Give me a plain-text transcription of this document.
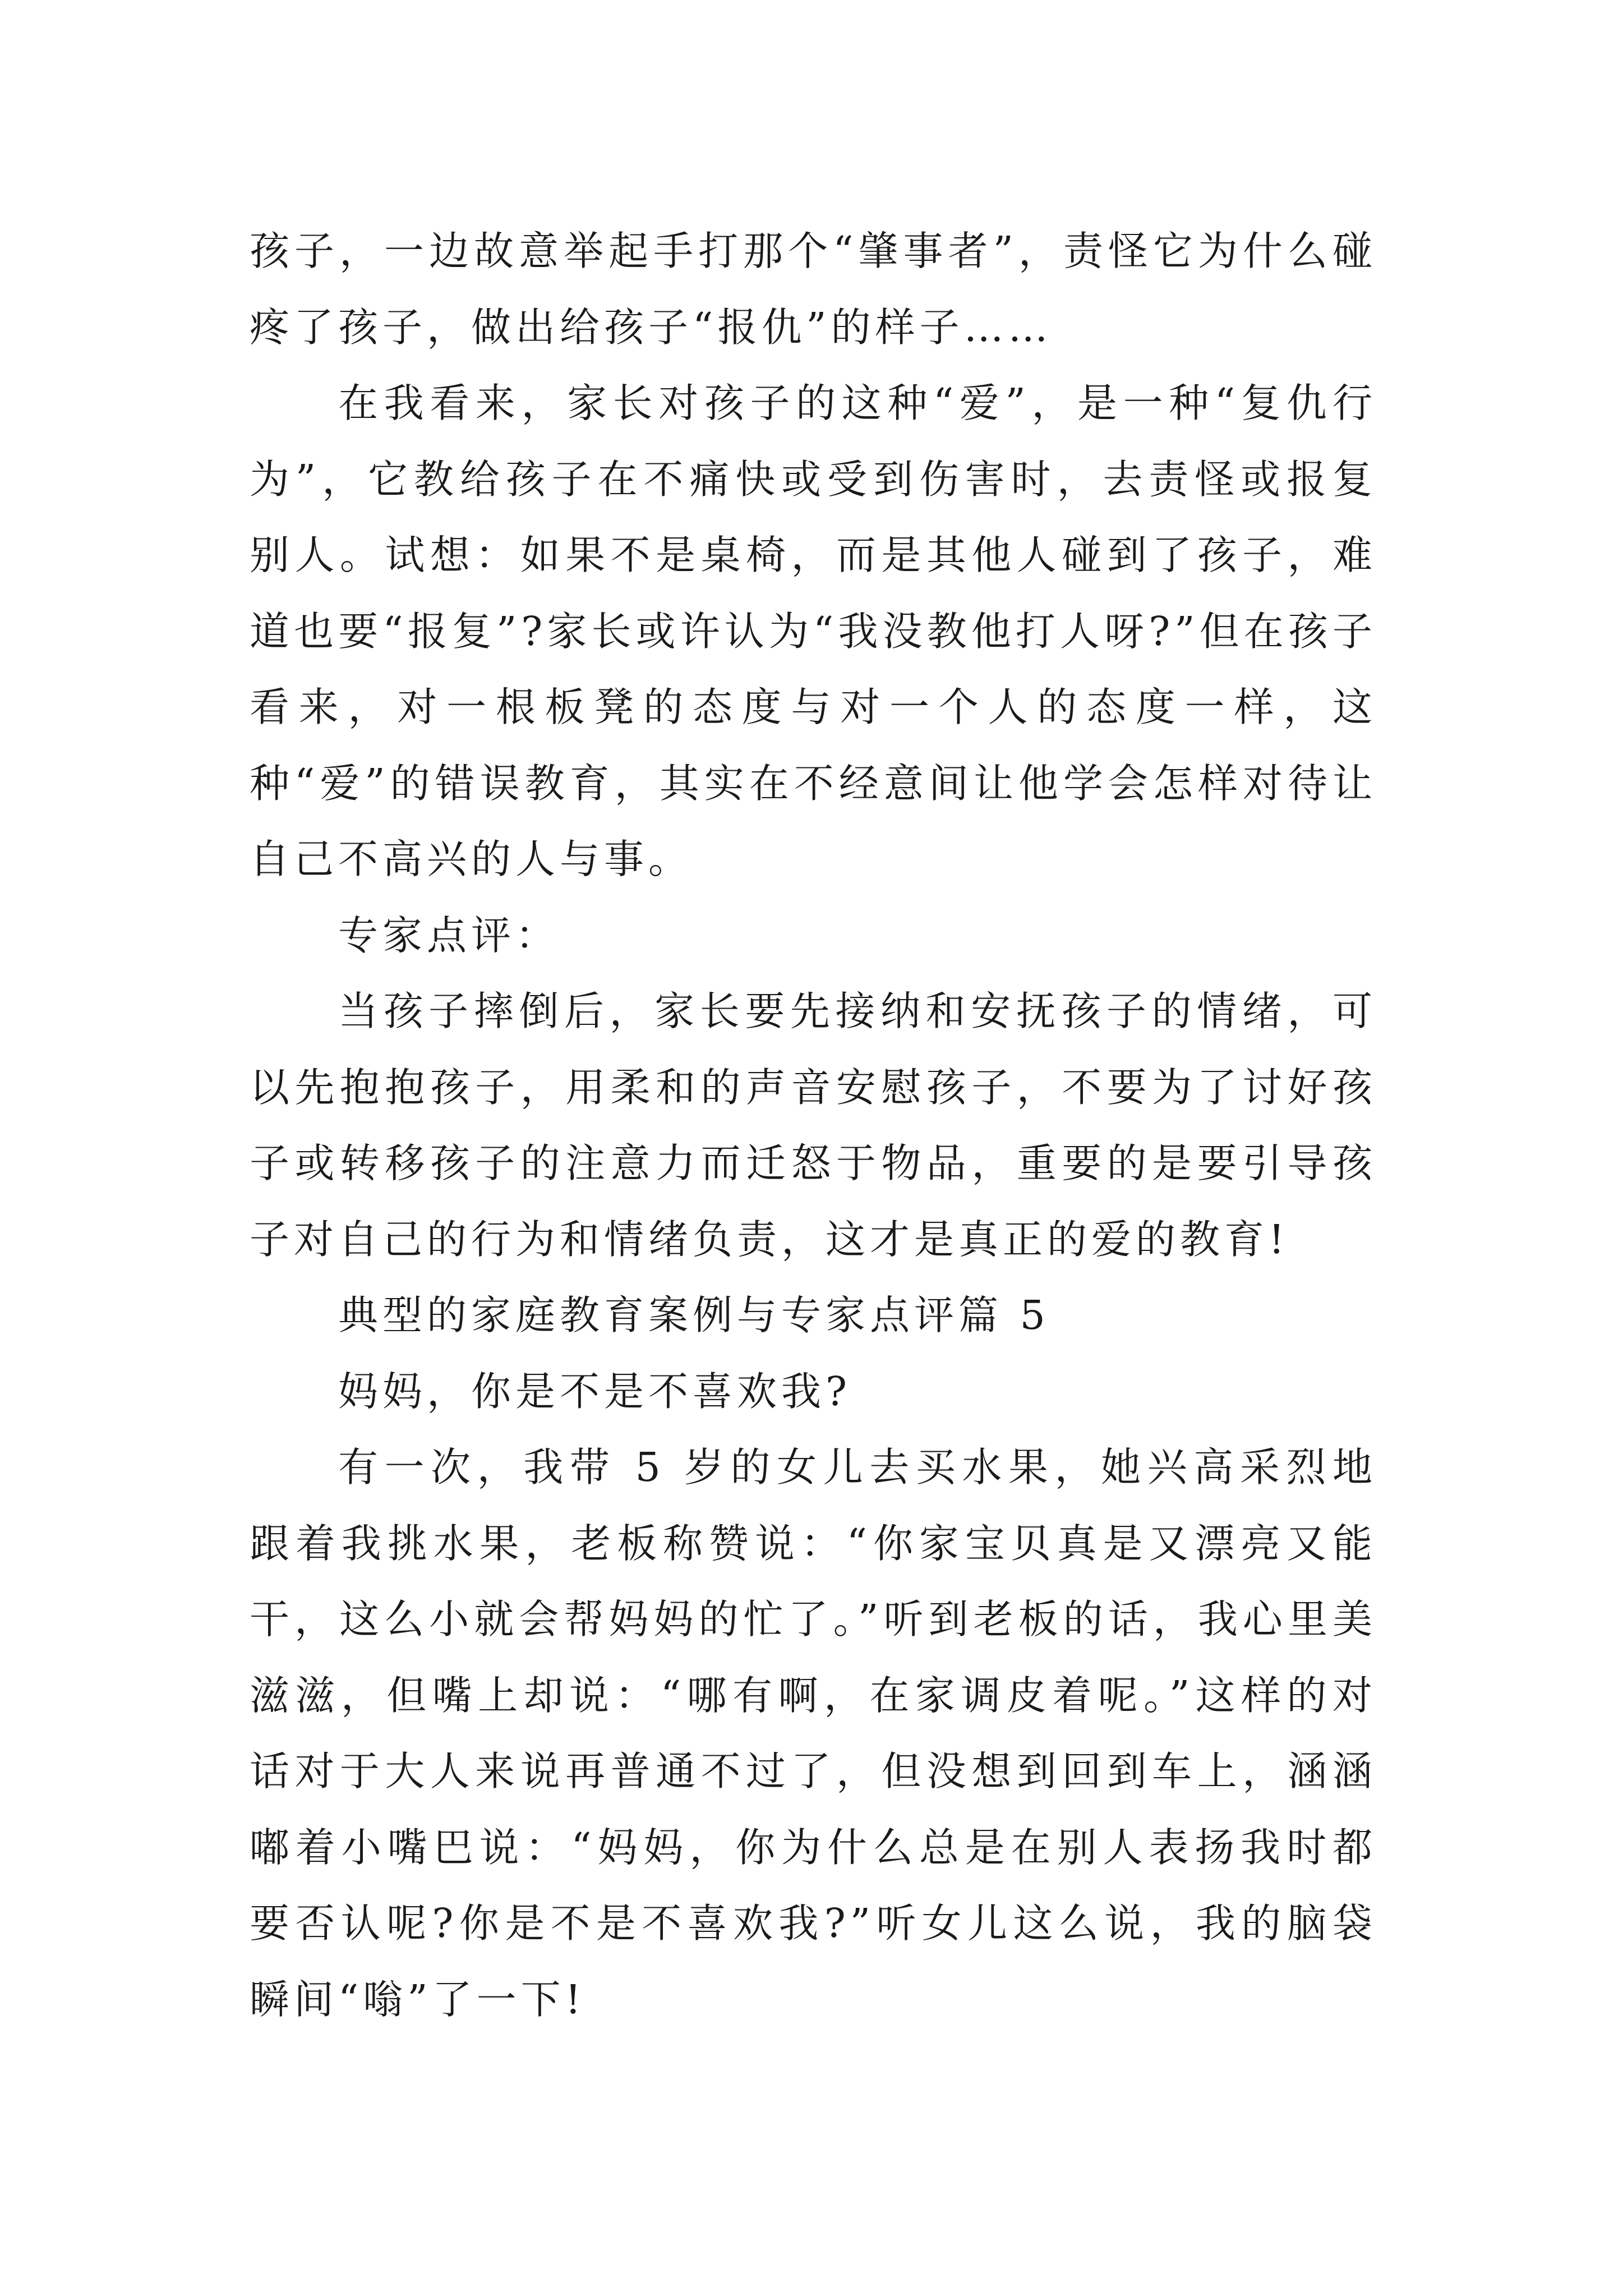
孩子，一边故意举起手打那个“肇事者”，责怪它为什么碰疼了孩子，做出给孩子“报仇”的样子……

在我看来，家长对孩子的这种“爱”，是一种“复仇行为”，它教给孩子在不痛快或受到伤害时，去责怪或报复别人。试想：如果不是桌椅，而是其他人碰到了孩子，难道也要“报复”?家长或许认为“我没教他打人呀?”但在孩子看来，对一根板凳的态度与对一个人的态度一样，这种“爱”的错误教育，其实在不经意间让他学会怎样对待让自己不高兴的人与事。

专家点评：

当孩子摔倒后，家长要先接纳和安抚孩子的情绪，可以先抱抱孩子，用柔和的声音安慰孩子，不要为了讨好孩子或转移孩子的注意力而迁怒于物品，重要的是要引导孩子对自己的行为和情绪负责，这才是真正的爱的教育!

典型的家庭教育案例与专家点评篇 5

妈妈，你是不是不喜欢我?

有一次，我带 5 岁的女儿去买水果，她兴高采烈地跟着我挑水果，老板称赞说：“你家宝贝真是又漂亮又能干，这么小就会帮妈妈的忙了。”听到老板的话，我心里美滋滋，但嘴上却说：“哪有啊，在家调皮着呢。”这样的对话对于大人来说再普通不过了，但没想到回到车上，涵涵嘟着小嘴巴说：“妈妈，你为什么总是在别人表扬我时都要否认呢?你是不是不喜欢我?”听女儿这么说，我的脑袋瞬间“嗡”了一下!
